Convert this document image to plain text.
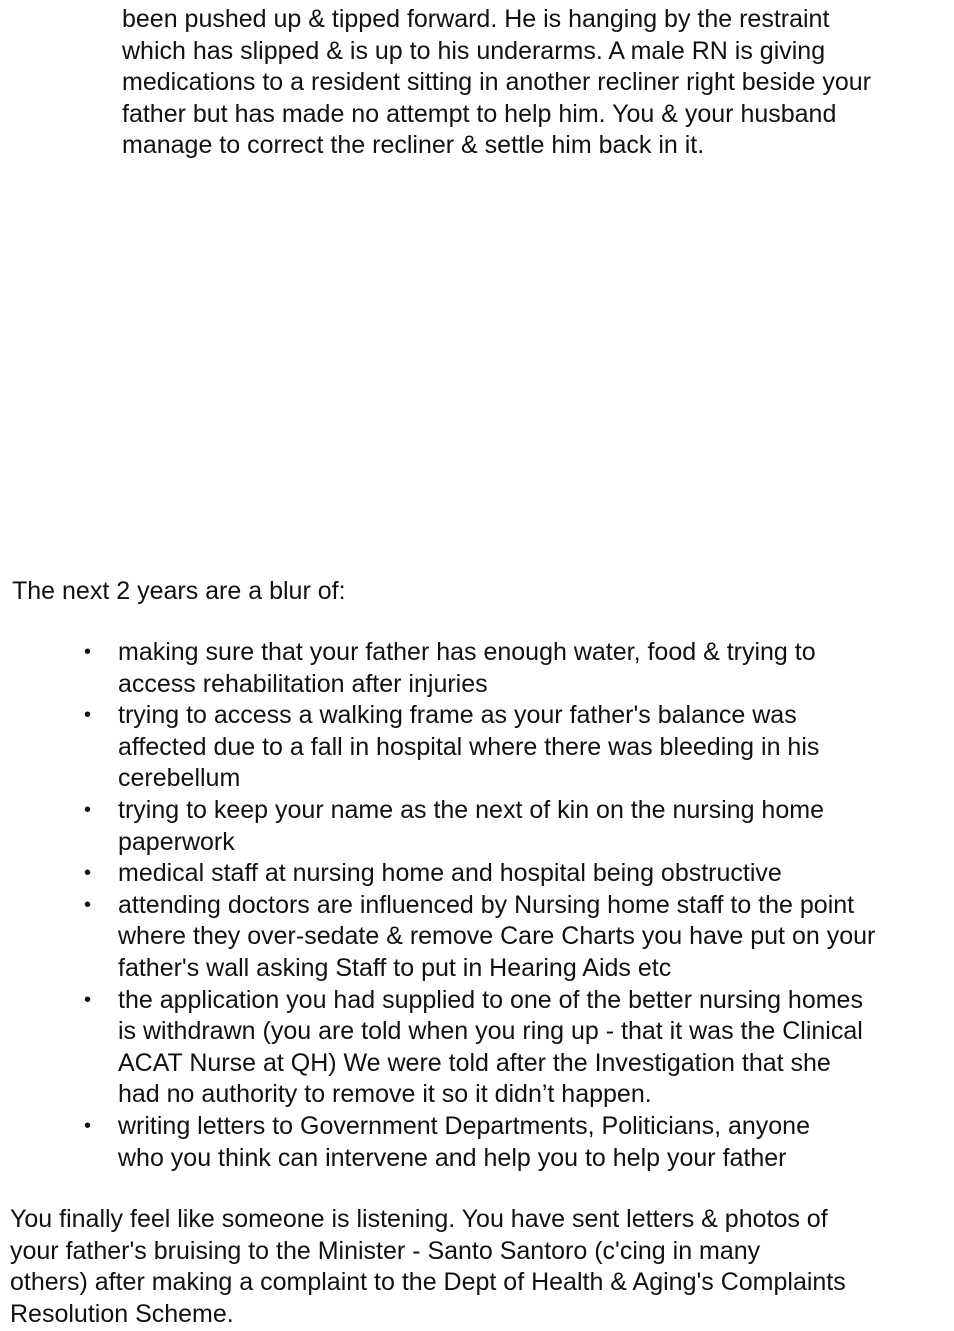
been pushed up & tipped forward. He is hanging by the restraint
which has slipped & is up to his underarms. A male RN is giving
medications to a resident sitting in another recliner right beside your
father but has made no attempt to help him. You & your husband
manage to correct the recliner & settle him back in it.

The next 2 years are a blur of:

• making sure that your father has enough water, food & trying to
access rehabilitation after injuries
• trying to access a walking frame as your father's balance was
affected due to a fall in hospital where there was bleeding in his
cerebellum
• trying to keep your name as the next of kin on the nursing home
paperwork
• medical staff at nursing home and hospital being obstructive
• attending doctors are influenced by Nursing home staff to the point
where they over-sedate & remove Care Charts you have put on your
father's wall asking Staff to put in Hearing Aids etc
• the application you had supplied to one of the better nursing homes
is withdrawn (you are told when you ring up - that it was the Clinical
ACAT Nurse at QH) We were told after the Investigation that she
had no authority to remove it so it didn’t happen.
• writing letters to Government Departments, Politicians, anyone
who you think can intervene and help you to help your father

You finally feel like someone is listening. You have sent letters & photos of
your father's bruising to the Minister - Santo Santoro (c'cing in many
others) after making a complaint to the Dept of Health & Aging's Complaints
Resolution Scheme.
